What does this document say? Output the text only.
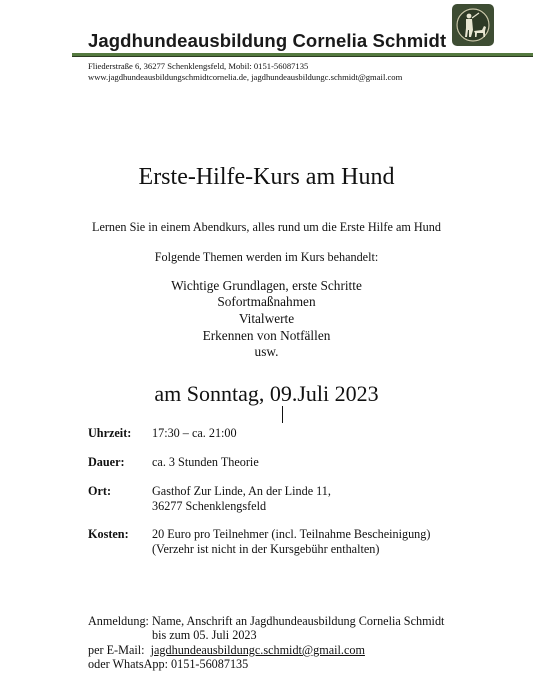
Jagdhundeausbildung Cornelia Schmidt
Fliederstraße 6, 36277 Schenklengsfeld, Mobil: 0151-56087135
www.jagdhundeausbildungschmidtcornelia.de, jagdhundeausbildungc.schmidt@gmail.com
Erste-Hilfe-Kurs am Hund
Lernen Sie in einem Abendkurs, alles rund um die Erste Hilfe am Hund
Folgende Themen werden im Kurs behandelt:
Wichtige Grundlagen, erste Schritte
Sofortmaßnahmen
Vitalwerte
Erkennen von Notfällen
usw.
am Sonntag, 09.Juli 2023
Uhrzeit: 17:30 – ca. 21:00
Dauer: ca. 3 Stunden Theorie
Ort:	Gasthof Zur Linde, An der Linde 11,
36277 Schenklengsfeld
Kosten: 20 Euro pro Teilnehmer (incl. Teilnahme Bescheinigung)
(Verzehr ist nicht in der Kursgebühr enthalten)
Anmeldung: Name, Anschrift an Jagdhundeausbildung Cornelia Schmidt
bis zum 05. Juli 2023
per E-Mail:  jagdhundeausbildungc.schmidt@gmail.com
oder WhatsApp: 0151-56087135
